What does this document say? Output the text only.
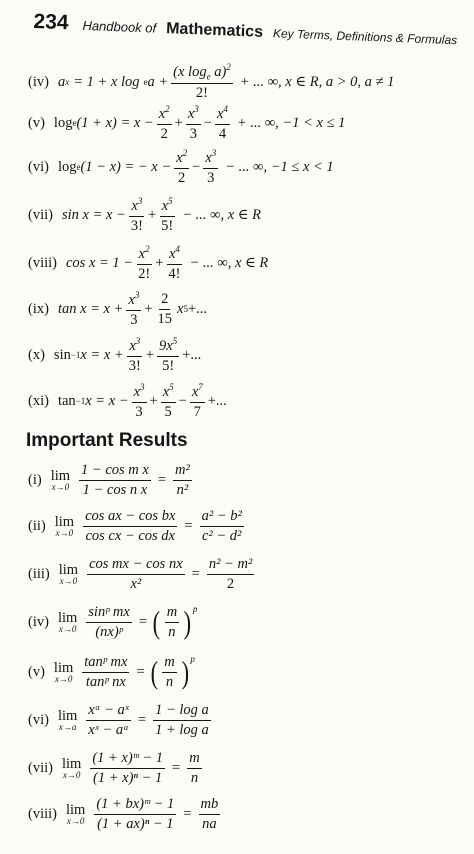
234 Handbook of Mathematics Key Terms, Definitions & Formulas
(iv) a x = 1 + x log e $a + \frac{(x \log_e a)^2}{2!}$ + ... ∞, x ∈ R, a > 0, a ≠ 1
(v) log e $(1 + x) = x - \frac{x^2}{2} + \frac{x^3}{3} - \frac{x^4}{4}$ + ... ∞, −1 < x ≤ 1
(vi) log e (1 − x) = − $x - \frac{x^2}{2} - \frac{x^3}{3}$ − ... ∞, −1 ≤ x < 1
(vii) $\sin x = x - \frac{x^3}{3!} + \frac{x^5}{5!}$ − ... ∞, x ∈ R
(viii) $\cos x = 1 - \frac{x^2}{2!} + \frac{x^4}{4!}$ − ... ∞, x ∈ R
(ix) $\tan x = x + \frac{x^3}{3} + \frac{2}{15}$ x 5 +...
(x) sin −1 $x = x + \frac{x^3}{3!} + \frac{9x^5}{5!}$ +...
(xi) tan −1 $x = x - \frac{x^3}{3} + \frac{x^5}{5} - \frac{x^7}{7}$ +...
Important Results
(i) lim
$x\to 0 \frac{\text{1 − cos m x}}{\text{1 − cos n x}} = \frac{\text{m²}}{\text{n²}}$
(ii) lim
$x\to 0 \frac{\text{cos ax − cos bx}}{\text{cos cx − cos dx}} = \frac{\text{a² − b²}}{\text{c² − d²}}$
(iii) lim
$x\to 0 \frac{\text{cos mx − cos nx}}{\text{x²}} = \frac{\text{n² − m²}}{2}$
(iv) lim
$x\to 0 \frac{\text{sinᵖ mx}}{\text{(nx)ᵖ}}$ = ( $\frac{m}{n} )^p$
(v) lim
$x\to 0 \frac{\text{tanᵖ mx}}{\text{tanᵖ nx}}$ = ( $\frac{m}{n} )^p$
(vi) lim
$x\to a \frac{\text{xᵃ − aˣ}}{\text{xˣ − aᵃ}} = \frac{\text{1 − log a}}{\text{1 + log a}}$
(vii) lim
$x\to 0 \frac{\text{(1 + x)ᵐ − 1}}{\text{(1 + x)ⁿ − 1}} = \frac{m}{n}$
(viii) lim
$x\to 0 \frac{\text{(1 + bx)ᵐ − 1}}{\text{(1 + ax)ⁿ − 1}} = \frac{mb}{na}$
